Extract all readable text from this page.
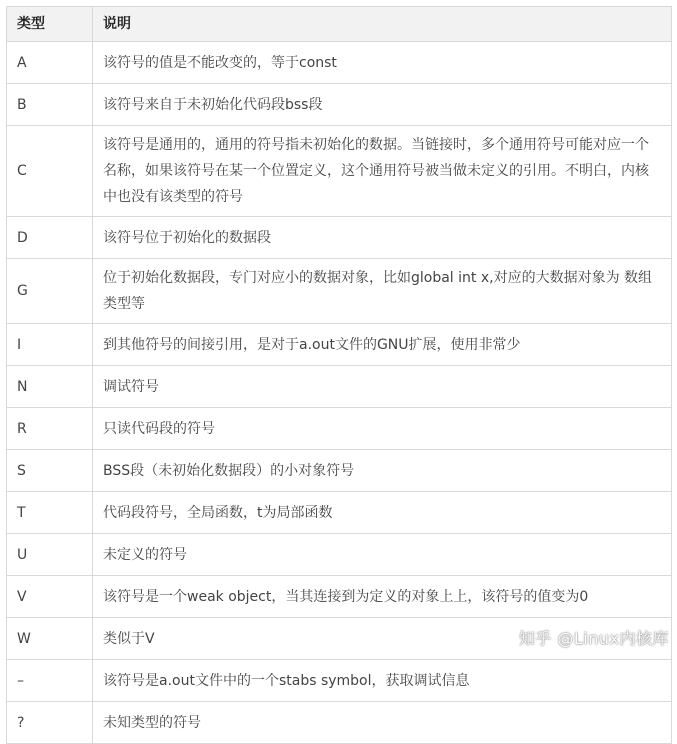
类型	说明
A	该符号的值是不能改变的，等于const
B	该符号来自于未初始化代码段bss段
C	该符号是通用的，通用的符号指未初始化的数据。当链接时，多个通用符号可能对应一个名称，如果该符号在某一个位置定义，这个通用符号被当做未定义的引用。不明白，内核中也没有该类型的符号
D	该符号位于初始化的数据段
G	位于初始化数据段，专门对应小的数据对象，比如global int x,对应的大数据对象为 数组类型等
I	到其他符号的间接引用，是对于a.out文件的GNU扩展，使用非常少
N	调试符号
R	只读代码段的符号
S	BSS段（未初始化数据段）的小对象符号
T	代码段符号，全局函数，t为局部函数
U	未定义的符号
V	该符号是一个weak object，当其连接到为定义的对象上上，该符号的值变为0
W	类似于V
–	该符号是a.out文件中的一个stabs symbol，获取调试信息
?	未知类型的符号
知乎 @Linux内核库
